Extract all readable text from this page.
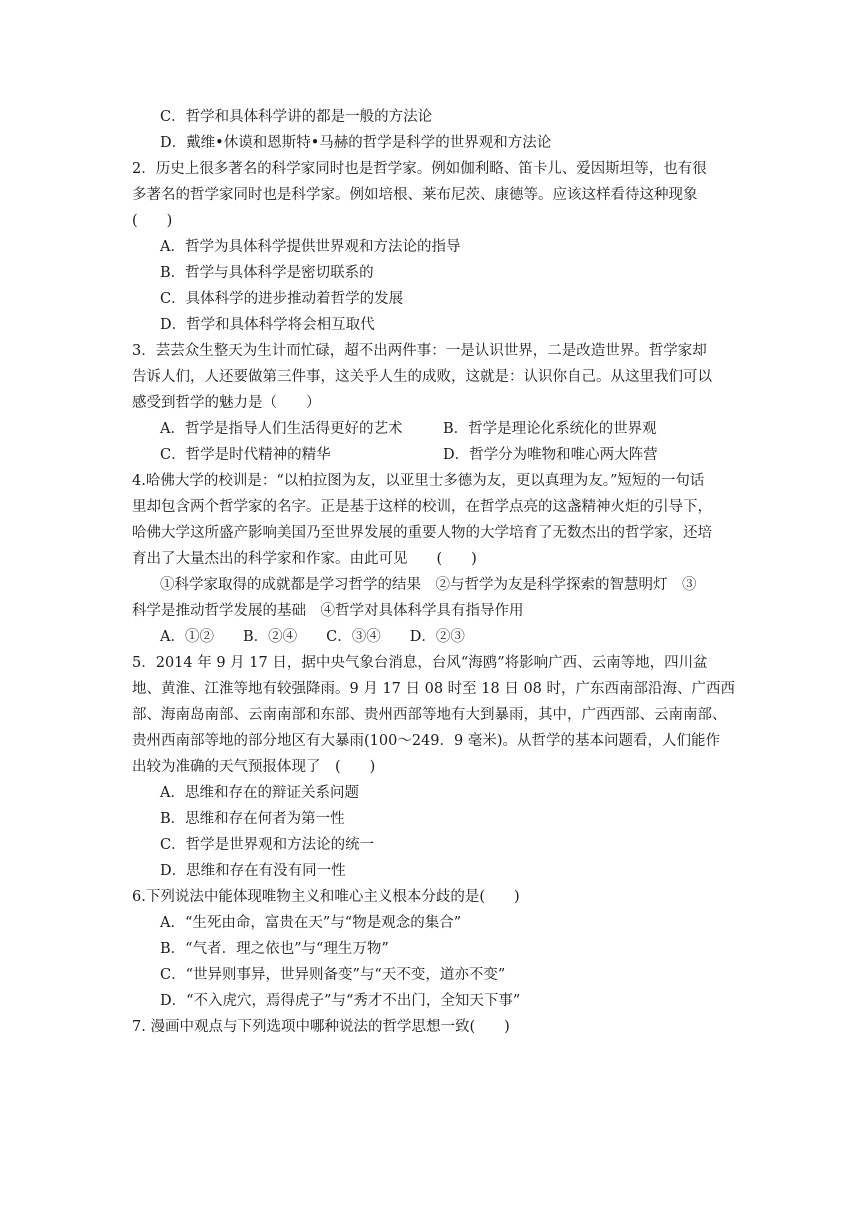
C．哲学和具体科学讲的都是一般的方法论
D．戴维•休谟和恩斯特•马赫的哲学是科学的世界观和方法论
2．历史上很多著名的科学家同时也是哲学家。例如伽利略、笛卡儿、爱因斯坦等，也有很
多著名的哲学家同时也是科学家。例如培根、莱布尼茨、康德等。应该这样看待这种现象
(　　)
A．哲学为具体科学提供世界观和方法论的指导
B．哲学与具体科学是密切联系的
C．具体科学的进步推动着哲学的发展
D．哲学和具体科学将会相互取代
3．芸芸众生整天为生计而忙碌，超不出两件事：一是认识世界，二是改造世界。哲学家却
告诉人们，人还要做第三件事，这关乎人生的成败，这就是：认识你自己。从这里我们可以
感受到哲学的魅力是（　　）
A．哲学是指导人们生活得更好的艺术	B．哲学是理论化系统化的世界观
C．哲学是时代精神的精华	D．哲学分为唯物和唯心两大阵营
4.哈佛大学的校训是：“以柏拉图为友，以亚里士多德为友，更以真理为友。”短短的一句话
里却包含两个哲学家的名字。正是基于这样的校训，在哲学点亮的这盏精神火炬的引导下，
哈佛大学这所盛产影响美国乃至世界发展的重要人物的大学培育了无数杰出的哲学家，还培
育出了大量杰出的科学家和作家。由此可见　　(　　)
①科学家取得的成就都是学习哲学的结果　②与哲学为友是科学探索的智慧明灯　③
科学是推动哲学发展的基础　④哲学对具体科学具有指导作用
A．①②　　B．②④　　C．③④　　D．②③
5．2014 年 9 月 17 日，据中央气象台消息，台风“海鸥”将影响广西、云南等地，四川盆
地、黄淮、江淮等地有较强降雨。9 月 17 日 08 时至 18 日 08 时，广东西南部沿海、广西西
部、海南岛南部、云南南部和东部、贵州西部等地有大到暴雨，其中，广西西部、云南南部、
贵州西南部等地的部分地区有大暴雨(100～249．9 毫米)。从哲学的基本问题看，人们能作
出较为准确的天气预报体现了　(　　)
A．思维和存在的辩证关系问题
B．思维和存在何者为第一性
C．哲学是世界观和方法论的统一
D．思维和存在有没有同一性
6.下列说法中能体现唯物主义和唯心主义根本分歧的是(　　)
A．“生死由命，富贵在天”与“物是观念的集合”
B．“气者．理之依也”与“理生万物”
C．“世异则事异，世异则备变”与“天不变，道亦不变”
D．“不入虎穴，焉得虎子”与“秀才不出门，全知天下事”
7. 漫画中观点与下列选项中哪种说法的哲学思想一致(　　)
